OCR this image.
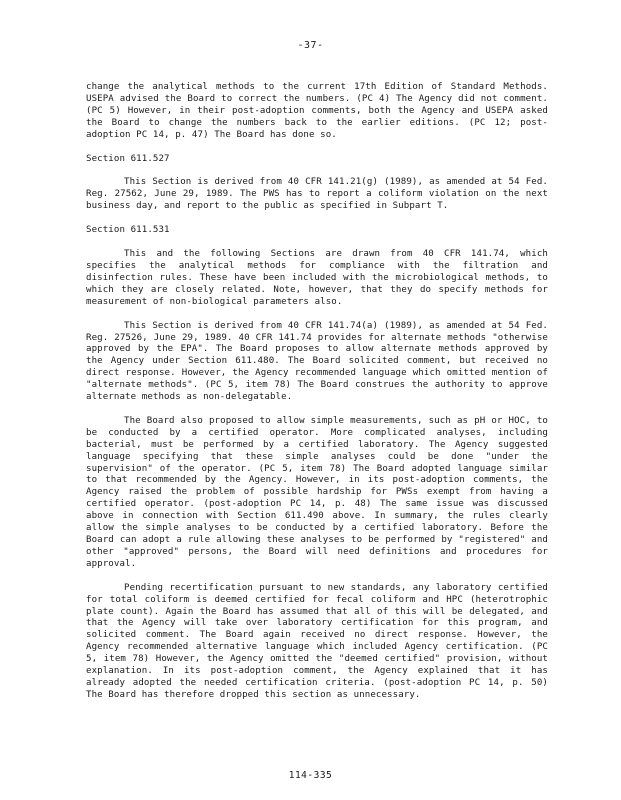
-37-

change the analytical methods to the current 17th Edition of Standard Methods. USEPA advised the Board to correct the numbers. (PC 4) The Agency did not comment. (PC 5) However, in their post-adoption comments, both the Agency and USEPA asked the Board to change the numbers back to the earlier editions. (PC 12; post-adoption PC 14, p. 47) The Board has done so.

Section 611.527

This Section is derived from 40 CFR 141.21(g) (1989), as amended at 54 Fed. Reg. 27562, June 29, 1989. The PWS has to report a coliform violation on the next business day, and report to the public as specified in Subpart T.

Section 611.531

This and the following Sections are drawn from 40 CFR 141.74, which specifies the analytical methods for compliance with the filtration and disinfection rules. These have been included with the microbiological methods, to which they are closely related. Note, however, that they do specify methods for measurement of non-biological parameters also.

This Section is derived from 40 CFR 141.74(a) (1989), as amended at 54 Fed. Reg. 27526, June 29, 1989. 40 CFR 141.74 provides for alternate methods "otherwise approved by the EPA". The Board proposes to allow alternate methods approved by the Agency under Section 611.480. The Board solicited comment, but received no direct response. However, the Agency recommended language which omitted mention of "alternate methods". (PC 5, item 78) The Board construes the authority to approve alternate methods as non-delegatable.

The Board also proposed to allow simple measurements, such as pH or HOC, to be conducted by a certified operator. More complicated analyses, including bacterial, must be performed by a certified laboratory. The Agency suggested language specifying that these simple analyses could be done "under the supervision" of the operator. (PC 5, item 78) The Board adopted language similar to that recommended by the Agency. However, in its post-adoption comments, the Agency raised the problem of possible hardship for PWSs exempt from having a certified operator. (post-adoption PC 14, p. 48) The same issue was discussed above in connection with Section 611.490 above. In summary, the rules clearly allow the simple analyses to be conducted by a certified laboratory. Before the Board can adopt a rule allowing these analyses to be performed by "registered" and other "approved" persons, the Board will need definitions and procedures for approval.

Pending recertification pursuant to new standards, any laboratory certified for total coliform is deemed certified for fecal coliform and HPC (heterotrophic plate count). Again the Board has assumed that all of this will be delegated, and that the Agency will take over laboratory certification for this program, and solicited comment. The Board again received no direct response. However, the Agency recommended alternative language which included Agency certification. (PC 5, item 78) However, the Agency omitted the "deemed certified" provision, without explanation. In its post-adoption comment, the Agency explained that it has already adopted the needed certification criteria. (post-adoption PC 14, p. 50) The Board has therefore dropped this section as unnecessary.

114-335
